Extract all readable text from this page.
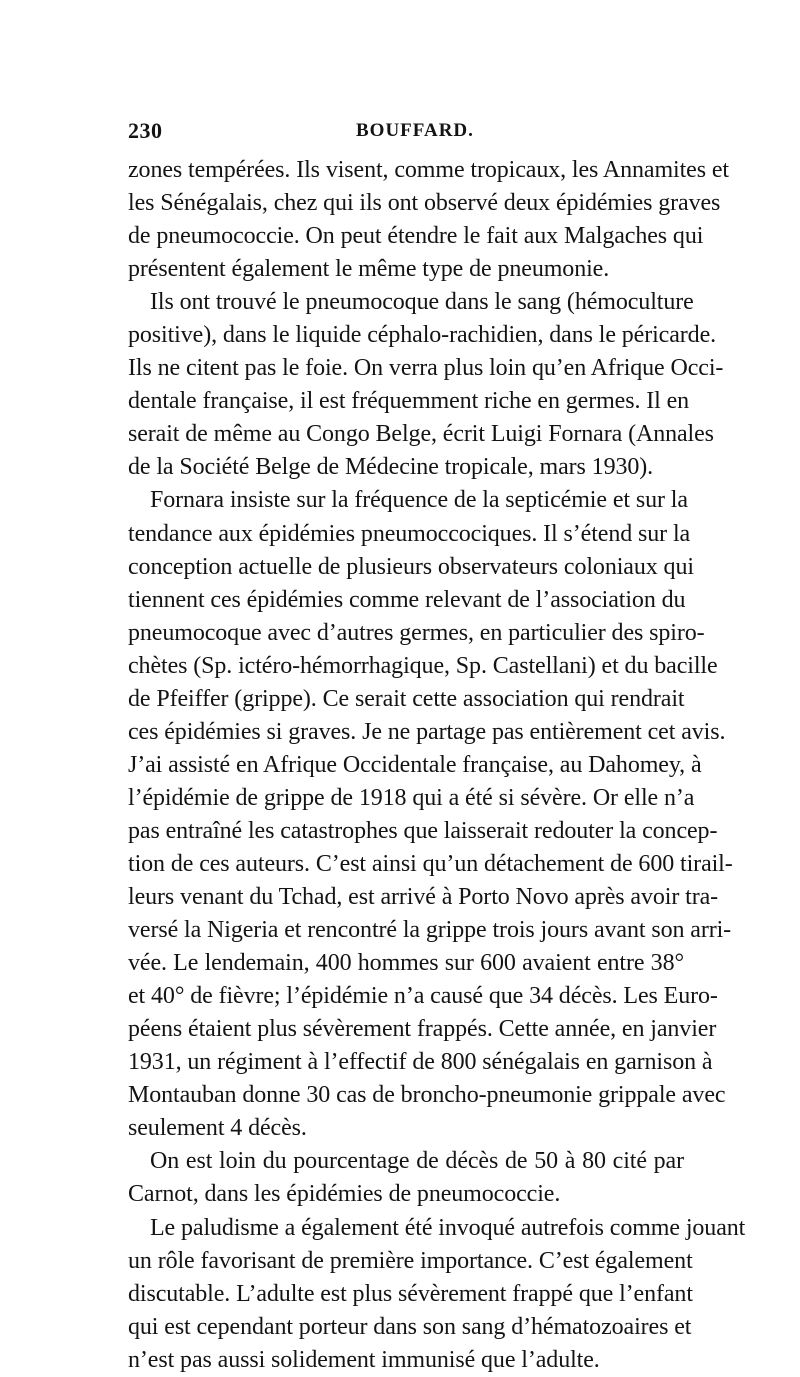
230	BOUFFARD.
zones tempérées. Ils visent, comme tropicaux, les Annamites et
les Sénégalais, chez qui ils ont observé deux épidémies graves
de pneumococcie. On peut étendre le fait aux Malgaches qui
présentent également le même type de pneumonie.
Ils ont trouvé le pneumocoque dans le sang (hémoculture
positive), dans le liquide céphalo-rachidien, dans le péricarde.
Ils ne citent pas le foie. On verra plus loin qu’en Afrique Occi-
dentale française, il est fréquemment riche en germes. Il en
serait de même au Congo Belge, écrit Luigi Fornara (Annales
de la Société Belge de Médecine tropicale, mars 1930).
Fornara insiste sur la fréquence de la septicémie et sur la
tendance aux épidémies pneumoccociques. Il s’étend sur la
conception actuelle de plusieurs observateurs coloniaux qui
tiennent ces épidémies comme relevant de l’association du
pneumocoque avec d’autres germes, en particulier des spiro-
chètes (Sp. ictéro-hémorrhagique, Sp. Castellani) et du bacille
de Pfeiffer (grippe). Ce serait cette association qui rendrait
ces épidémies si graves. Je ne partage pas entièrement cet avis.
J’ai assisté en Afrique Occidentale française, au Dahomey, à
l’épidémie de grippe de 1918 qui a été si sévère. Or elle n’a
pas entraîné les catastrophes que laisserait redouter la concep-
tion de ces auteurs. C’est ainsi qu’un détachement de 600 tirail-
leurs venant du Tchad, est arrivé à Porto Novo après avoir tra-
versé la Nigeria et rencontré la grippe trois jours avant son arri-
vée. Le lendemain, 400 hommes sur 600 avaient entre 38°
et 40° de fièvre; l’épidémie n’a causé que 34 décès. Les Euro-
péens étaient plus sévèrement frappés. Cette année, en janvier
1931, un régiment à l’effectif de 800 sénégalais en garnison à
Montauban donne 30 cas de broncho-pneumonie grippale avec
seulement 4 décès.
On est loin du pourcentage de décès de 50 à 80 cité par
Carnot, dans les épidémies de pneumococcie.
Le paludisme a également été invoqué autrefois comme jouant
un rôle favorisant de première importance. C’est également
discutable. L’adulte est plus sévèrement frappé que l’enfant
qui est cependant porteur dans son sang d’hématozoaires et
n’est pas aussi solidement immunisé que l’adulte.
